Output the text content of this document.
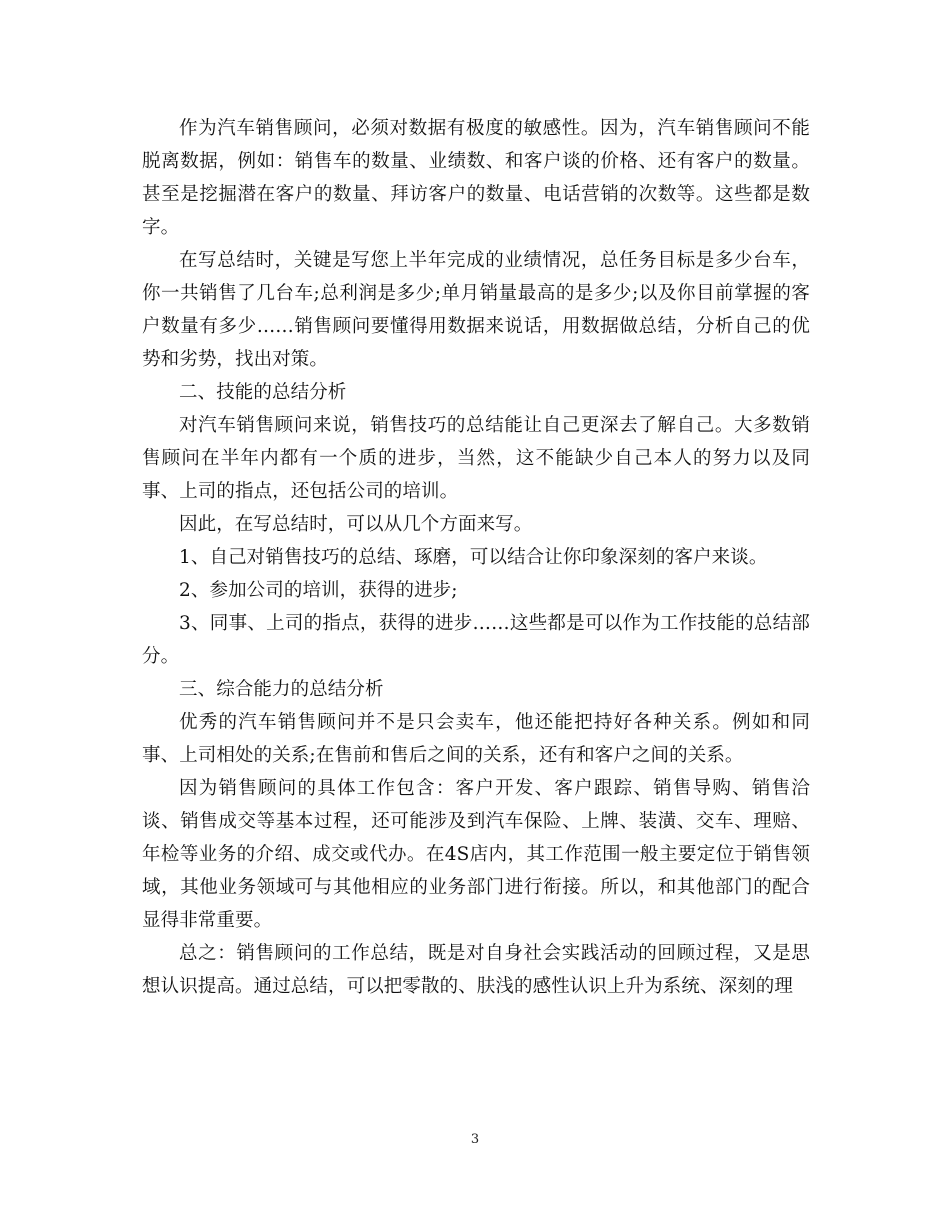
作为汽车销售顾问，必须对数据有极度的敏感性。因为，汽车销售顾问不能脱离数据，例如：销售车的数量、业绩数、和客户谈的价格、还有客户的数量。甚至是挖掘潜在客户的数量、拜访客户的数量、电话营销的次数等。这些都是数字。

在写总结时，关键是写您上半年完成的业绩情况，总任务目标是多少台车，你一共销售了几台车;总利润是多少;单月销量最高的是多少;以及你目前掌握的客户数量有多少……销售顾问要懂得用数据来说话，用数据做总结，分析自己的优势和劣势，找出对策。

二、技能的总结分析

对汽车销售顾问来说，销售技巧的总结能让自己更深去了解自己。大多数销售顾问在半年内都有一个质的进步，当然，这不能缺少自己本人的努力以及同事、上司的指点，还包括公司的培训。

因此，在写总结时，可以从几个方面来写。

1、自己对销售技巧的总结、琢磨，可以结合让你印象深刻的客户来谈。

2、参加公司的培训，获得的进步;

3、同事、上司的指点，获得的进步……这些都是可以作为工作技能的总结部分。

三、综合能力的总结分析

优秀的汽车销售顾问并不是只会卖车，他还能把持好各种关系。例如和同事、上司相处的关系;在售前和售后之间的关系，还有和客户之间的关系。

因为销售顾问的具体工作包含：客户开发、客户跟踪、销售导购、销售洽谈、销售成交等基本过程，还可能涉及到汽车保险、上牌、装潢、交车、理赔、年检等业务的介绍、成交或代办。在4S店内，其工作范围一般主要定位于销售领域，其他业务领域可与其他相应的业务部门进行衔接。所以，和其他部门的配合显得非常重要。

总之：销售顾问的工作总结，既是对自身社会实践活动的回顾过程，又是思想认识提高。通过总结，可以把零散的、肤浅的感性认识上升为系统、深刻的理

3
